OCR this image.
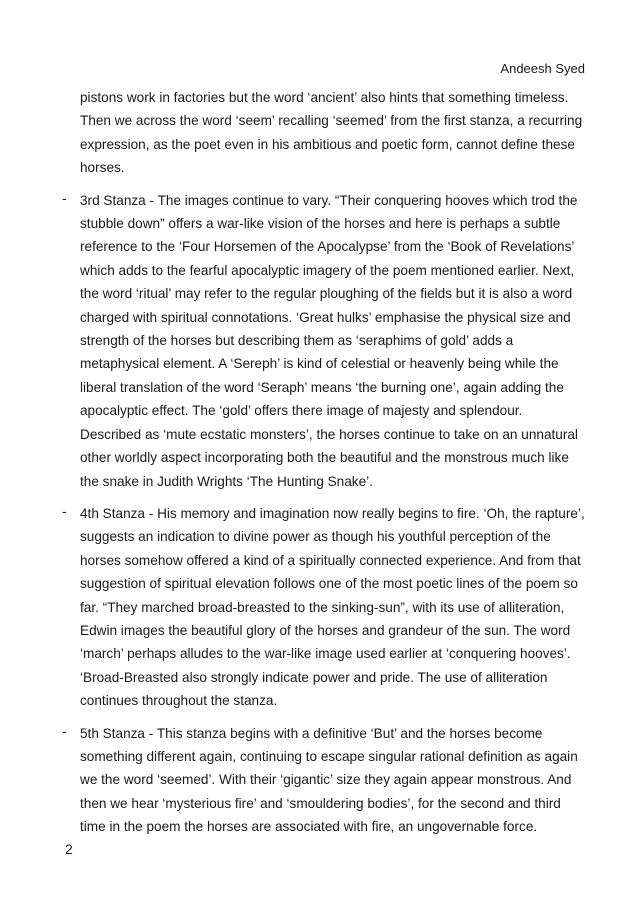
Andeesh Syed
pistons work in factories but the word ‘ancient’ also hints that something timeless. Then we across the word ‘seem’ recalling ‘seemed’ from the first stanza, a recurring expression, as the poet even in his ambitious and poetic form, cannot define these horses.
- 3rd Stanza - The images continue to vary. “Their conquering hooves which trod the stubble down” offers a war-like vision of the horses and here is perhaps a subtle reference to the ‘Four Horsemen of the Apocalypse’ from the ‘Book of Revelations’ which adds to the fearful apocalyptic imagery of the poem mentioned earlier. Next, the word ‘ritual’ may refer to the regular ploughing of the fields but it is also a word charged with spiritual connotations. ‘Great hulks’ emphasise the physical size and strength of the horses but describing them as ‘seraphims of gold’ adds a metaphysical element. A ‘Sereph’ is kind of celestial or heavenly being while the liberal translation of the word ‘Seraph’ means ‘the burning one’, again adding the apocalyptic effect. The ‘gold’ offers there image of majesty and splendour. Described as ‘mute ecstatic monsters’, the horses continue to take on an unnatural other worldly aspect incorporating both the beautiful and the monstrous much like the snake in Judith Wrights ‘The Hunting Snake’.
- 4th Stanza - His memory and imagination now really begins to fire. ‘Oh, the rapture’, suggests an indication to divine power as though his youthful perception of the horses somehow offered a kind of a spiritually connected experience. And from that suggestion of spiritual elevation follows one of the most poetic lines of the poem so far. “They marched broad-breasted to the sinking-sun”, with its use of alliteration, Edwin images the beautiful glory of the horses and grandeur of the sun. The word ‘march’ perhaps alludes to the war-like image used earlier at ‘conquering hooves’. ‘Broad-Breasted also strongly indicate power and pride. The use of alliteration continues throughout the stanza.
- 5th Stanza - This stanza begins with a definitive ‘But’ and the horses become something different again, continuing to escape singular rational definition as again we the word ‘seemed’. With their ‘gigantic’ size they again appear monstrous. And then we hear ‘mysterious fire’ and ‘smouldering bodies’, for the second and third time in the poem the horses are associated with fire, an ungovernable force.
2
